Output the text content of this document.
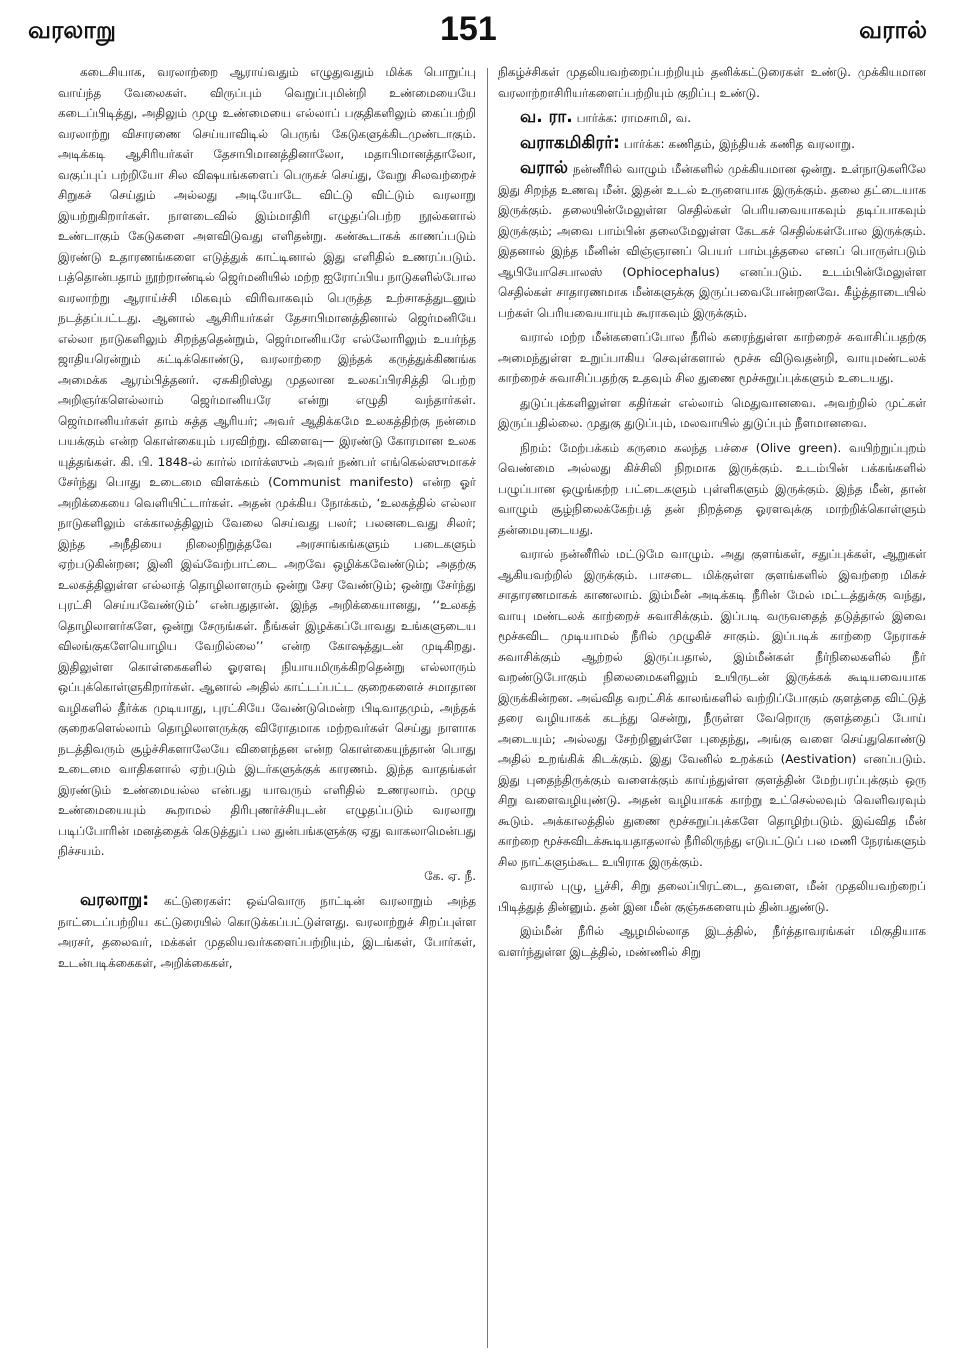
வரலாறு	151	வரால்

கடைசியாக, வரலாற்றை ஆராய்வதும் எழுதுவதும் மிக்க பொறுப்பு வாய்ந்த வேலைகள். விருப்பும் வெறுப்புமின்றி உண்மையையே கடைப்பிடித்து, அதிலும் முழு உண்மையை எல்லாப் பகுதிகளிலும் கைப்பற்றி வரலாற்று விசாரணை செய்யாவிடில் பெருங் கேடுகளுக்கிடமுண்டாகும். அடிக்கடி ஆசிரியர்கள் தேசாபிமானத்தினாலோ, மதாபிமானத்தாலோ, வகுப்புப் பற்றியோ சில விஷயங்களைப் பெருகச் செய்து, வேறு சிலவற்றைச் சிறுகச் செய்தும் அல்லது அடியோடே விட்டு விட்டும் வரலாறு இயற்றுகிறார்கள். நாளடைவில் இம்மாதிரி எழுதப்பெற்ற நூல்களால் உண்டாகும் கேடுகளை அளவிடுவது எளிதன்று. கண்கூடாகக் காணப்படும் இரண்டு உதாரணங்களை எடுத்துக் காட்டினால் இது எளிதில் உணரப்படும். பத்தொன்பதாம் நூற்றாண்டில் ஜெர்மனியில் மற்ற ஐரோப்பிய நாடுகளில்போல வரலாற்று ஆராய்ச்சி மிகவும் விரிவாகவும் பெருத்த உற்சாகத்துடனும் நடத்தப்பட்டது. ஆனால் ஆசிரியர்கள் தேசாபிமானத்தினால் ஜெர்மனியே எல்லா நாடுகளிலும் சிறந்ததென்றும், ஜெர்மானியரே எல்லோரிலும் உயர்ந்த ஜாதியரென்றும் கட்டிக்கொண்டு, வரலாற்றை இந்தக் கருத்துக்கிணங்க அமைக்க ஆரம்பித்தனர். ஏசுகிறிஸ்து முதலான உலகப்பிரசித்தி பெற்ற அறிஞர்களெல்லாம் ஜெர்மானியரே என்று எழுதி வந்தார்கள். ஜெர்மானியர்கள் தாம் சுத்த ஆரியர்; அவர் ஆதிக்கமே உலகத்திற்கு நன்மை பயக்கும் என்ற கொள்கையும் பரவிற்று. விளைவு— இரண்டு கோரமான உலக யுத்தங்கள். கி. பி. 1848-ல் கார்ல் மார்க்ஸும் அவர் நண்பர் எங்கெல்ஸுமாகச் சேர்ந்து பொது உடைமை விளக்கம் (Communist manifesto) என்ற ஓர் அறிக்கையை வெளியிட்டார்கள். அதன் முக்கிய நோக்கம், ‘உலகத்தில் எல்லா நாடுகளிலும் எக்காலத்திலும் வேலை செய்வது பலர்; பலனடைவது சிலர்; இந்த அநீதியை நிலைநிறுத்தவே அரசாங்கங்களும் படைகளும் ஏற்படுகின்றன; இனி இவ்வேற்பாட்டை அறவே ஒழிக்கவேண்டும்; அதற்கு உலகத்திலுள்ள எல்லாத் தொழிலாளரும் ஒன்று சேர வேண்டும்; ஒன்று சேர்ந்து புரட்சி செய்யவேண்டும்’ என்பதுதான். இந்த அறிக்கையானது, ‘‘உலகத் தொழிலாளர்களே, ஒன்று சேருங்கள். நீங்கள் இழக்கப்போவது உங்களுடைய விலங்குகளேயொழிய வேறில்லை’’ என்ற கோஷத்துடன் முடிகிறது. இதிலுள்ள கொள்கைகளில் ஓரளவு நியாயமிருக்கிறதென்று எல்லாரும் ஒப்புக்கொள்ளுகிறார்கள். ஆனால் அதில் காட்டப்பட்ட குறைகளைச் சமாதான வழிகளில் தீர்க்க முடியாது, புரட்சியே வேண்டுமென்ற பிடிவாதமும், அந்தக் குறைகளெல்லாம் தொழிலாளருக்கு விரோதமாக மற்றவர்கள் செய்து நாளாக நடத்திவரும் சூழ்ச்சிகளாலேயே விளைந்தன என்ற கொள்கையுந்தான் பொது உடைமை வாதிகளால் ஏற்படும் இடர்களுக்குக் காரணம். இந்த வாதங்கள் இரண்டும் உண்மையல்ல என்பது யாவரும் எளிதில் உணரலாம். முழு உண்மையையும் கூறாமல் திரிபுணர்ச்சியுடன் எழுதப்படும் வரலாறு படிப்போரின் மனத்தைக் கெடுத்துப் பல துன்பங்களுக்கு ஏது வாகலாமென்பது நிச்சயம்.

கே. ஏ. நீ.

வரலாறு: கட்டுரைகள்: ஒவ்வொரு நாட்டின் வரலாறும் அந்த நாட்டைப்பற்றிய கட்டுரையில் கொடுக்கப்பட்டுள்ளது. வரலாற்றுச் சிறப்புள்ள அரசர், தலைவர், மக்கள் முதலியவர்களைப்பற்றியும், இடங்கள், போர்கள், உடன்படிக்கைகள், அறிக்கைகள்,

நிகழ்ச்சிகள் முதலியவற்றைப்பற்றியும் தனிக்கட்டுரைகள் உண்டு. முக்கியமான வரலாற்றாசிரியர்களைப்பற்றியும் குறிப்பு உண்டு.

வ. ரா. பார்க்க: ராமசாமி, வ.

வராகமிகிரர்: பார்க்க: கணிதம், இந்தியக் கணித வரலாறு.

வரால் நன்னீரில் வாழும் மீன்களில் முக்கியமான ஒன்று. உள்நாடுகளிலே இது சிறந்த உணவு மீன். இதன் உடல் உருளையாக இருக்கும். தலை தட்டையாக இருக்கும். தலையின்மேலுள்ள செதில்கள் பெரியவையாகவும் தடிப்பாகவும் இருக்கும்; அவை பாம்பின் தலைமேலுள்ள கேடகச் செதில்கள்போல இருக்கும். இதனால் இந்த மீனின் விஞ்ஞானப் பெயர் பாம்புத்தலை எனப் பொருள்படும் ஆபியோசெபாலஸ் (Ophiocephalus) எனப்படும். உடம்பின்மேலுள்ள செதில்கள் சாதாரணமாக மீன்களுக்கு இருப்பவைபோன்றனவே. கீழ்த்தாடையில் பற்கள் பெரியவையாயும் கூராகவும் இருக்கும்.

வரால் மற்ற மீன்களைப்போல நீரில் கரைந்துள்ள காற்றைச் சுவாசிப்பதற்கு அமைந்துள்ள உறுப்பாகிய செவுள்களால் மூச்சு விடுவதன்றி, வாயுமண்டலக் காற்றைச் சுவாசிப்பதற்கு உதவும் சில துணை மூச்சுறுப்புக்களும் உடையது.

துடுப்புக்களிலுள்ள கதிர்கள் எல்லாம் மெதுவானவை. அவற்றில் முட்கள் இருப்பதில்லை. முதுகு துடுப்பும், மலவாயில் துடுப்பும் நீளமானவை.

நிறம்: மேற்பக்கம் கருமை கலந்த பச்சை (Olive green). வயிற்றுப்புறம் வெண்மை அல்லது கிச்சிலி நிறமாக இருக்கும். உடம்பின் பக்கங்களில் பழுப்பான ஒழுங்கற்ற பட்டைகளும் புள்ளிகளும் இருக்கும். இந்த மீன், தான் வாழும் சூழ்நிலைக்கேற்பத் தன் நிறத்தை ஓரளவுக்கு மாற்றிக்கொள்ளும் தன்மையுடையது.

வரால் நன்னீரில் மட்டுமே வாழும். அது குளங்கள், சதுப்புக்கள், ஆறுகள் ஆகியவற்றில் இருக்கும். பாசடை மிக்குள்ள குளங்களில் இவற்றை மிகச் சாதாரணமாகக் காணலாம். இம்மீன் அடிக்கடி நீரின் மேல் மட்டத்துக்கு வந்து, வாயு மண்டலக் காற்றைச் சுவாசிக்கும். இப்படி வருவதைத் தடுத்தால் இவை மூச்சுவிட முடியாமல் நீரில் முழுகிச் சாகும். இப்படிக் காற்றை நேராகச் சுவாசிக்கும் ஆற்றல் இருப்பதால், இம்மீன்கள் நீர்நிலைகளில் நீர் வறண்டுபோகும் நிலைமைகளிலும் உயிருடன் இருக்கக் கூடியவையாக இருக்கின்றன. அவ்வித வறட்சிக் காலங்களில் வற்றிப்போகும் குளத்தை விட்டுத் தரை வழியாகக் கடந்து சென்று, நீருள்ள வேறொரு குளத்தைப் போய் அடையும்; அல்லது சேற்றினுள்ளே புதைந்து, அங்கு வளை செய்துகொண்டு அதில் உறங்கிக் கிடக்கும். இது வேனில் உறக்கம் (Aestivation) எனப்படும். இது புதைந்திருக்கும் வளைக்கும் காய்ந்துள்ள குளத்தின் மேற்பரப்புக்கும் ஒரு சிறு வளைவழியுண்டு. அதன் வழியாகக் காற்று உட்செல்லவும் வெளிவரவும் கூடும். அக்காலத்தில் துணை மூச்சுறுப்புக்களே தொழிற்படும். இவ்வித மீன் காற்றை மூச்சுவிடக்கூடியதாதலால் நீரிலிருந்து எடுபட்டுப் பல மணி நேரங்களும் சில நாட்களும்கூட உயிராக இருக்கும்.

வரால் புழு, பூச்சி, சிறு தலைப்பிரட்டை, தவளை, மீன் முதலியவற்றைப் பிடித்துத் தின்னும். தன் இன மீன் குஞ்சுகளையும் தின்பதுண்டு.

இம்மீன் நீரில் ஆழமில்லாத இடத்தில், நீர்த்தாவரங்கள் மிகுதியாக வளர்ந்துள்ள இடத்தில், மண்ணில் சிறு
